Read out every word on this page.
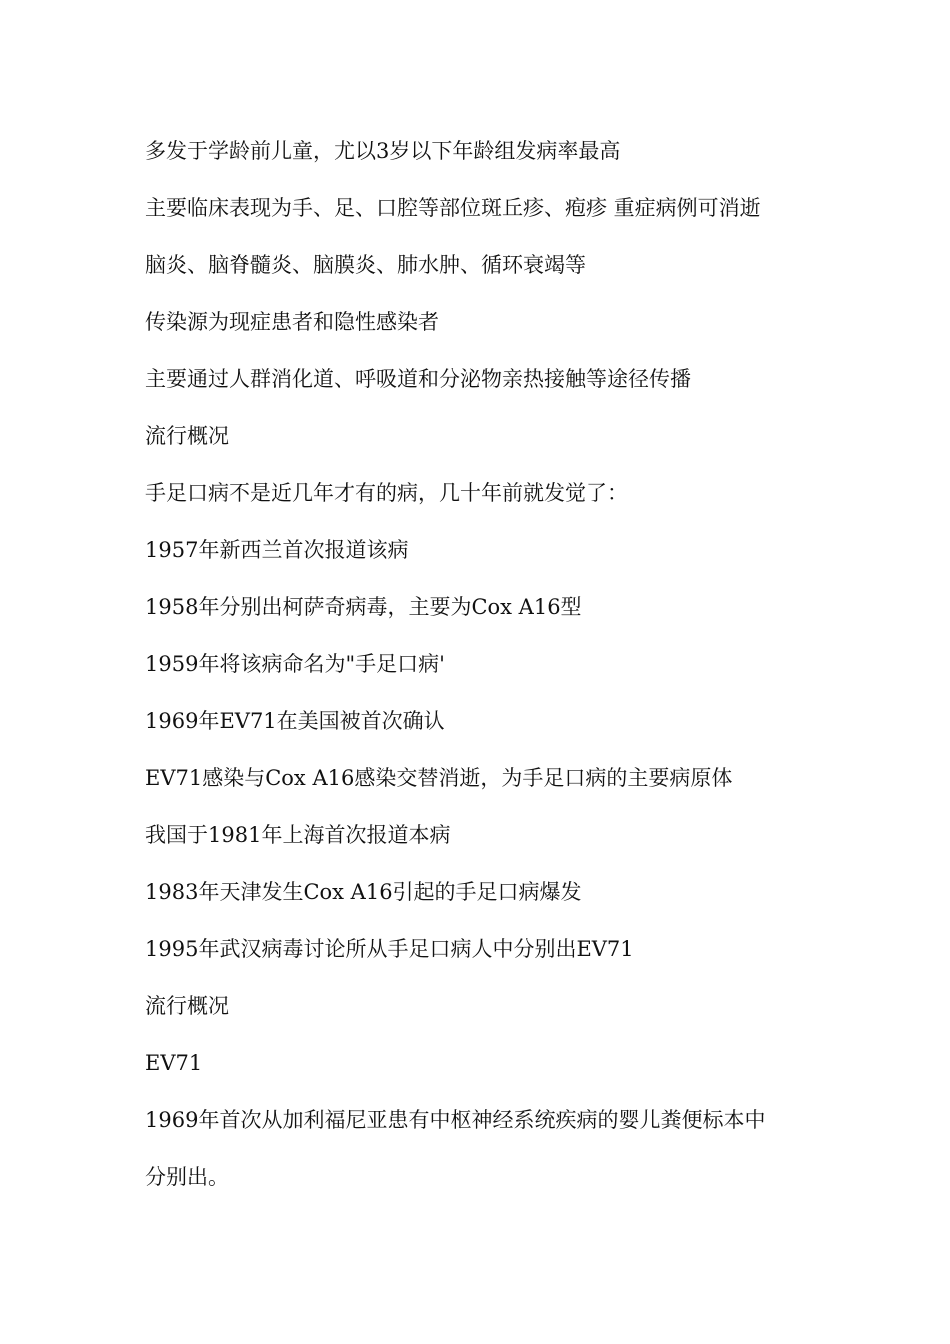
多发于学龄前儿童，尤以3岁以下年龄组发病率最高

主要临床表现为手、足、口腔等部位斑丘疹、疱疹 重症病例可消逝

脑炎、脑脊髓炎、脑膜炎、肺水肿、循环衰竭等

传染源为现症患者和隐性感染者

主要通过人群消化道、呼吸道和分泌物亲热接触等途径传播

流行概况

手足口病不是近几年才有的病，几十年前就发觉了：

1957年新西兰首次报道该病

1958年分别出柯萨奇病毒，主要为Cox A16型

1959年将该病命名为"手足口病'

1969年EV71在美国被首次确认

EV71感染与Cox A16感染交替消逝，为手足口病的主要病原体

我国于1981年上海首次报道本病

1983年天津发生Cox A16引起的手足口病爆发

1995年武汉病毒讨论所从手足口病人中分别出EV71

流行概况

EV71

1969年首次从加利福尼亚患有中枢神经系统疾病的婴儿粪便标本中

分别出。
